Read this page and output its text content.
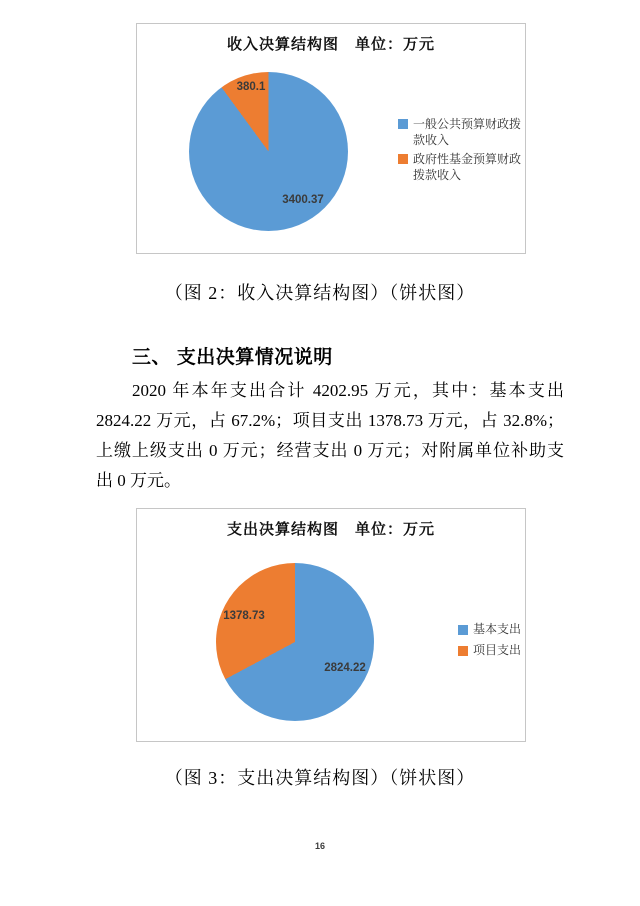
收入决算结构图　单位：万元
3400.37
380.1
一般公共预算财政拨款收入
政府性基金预算财政拨款收入
（图 2：收入决算结构图）（饼状图）
三、 支出决算情况说明
2020 年本年支出合计 4202.95 万元，其中：基本支出
2824.22 万元，占 67.2%；项目支出 1378.73 万元，占 32.8%；
上缴上级支出 0 万元；经营支出 0 万元；对附属单位补助支
出 0 万元。
支出决算结构图　单位：万元
1378.73
2824.22
基本支出
项目支出
（图 3：支出决算结构图）（饼状图）
16
